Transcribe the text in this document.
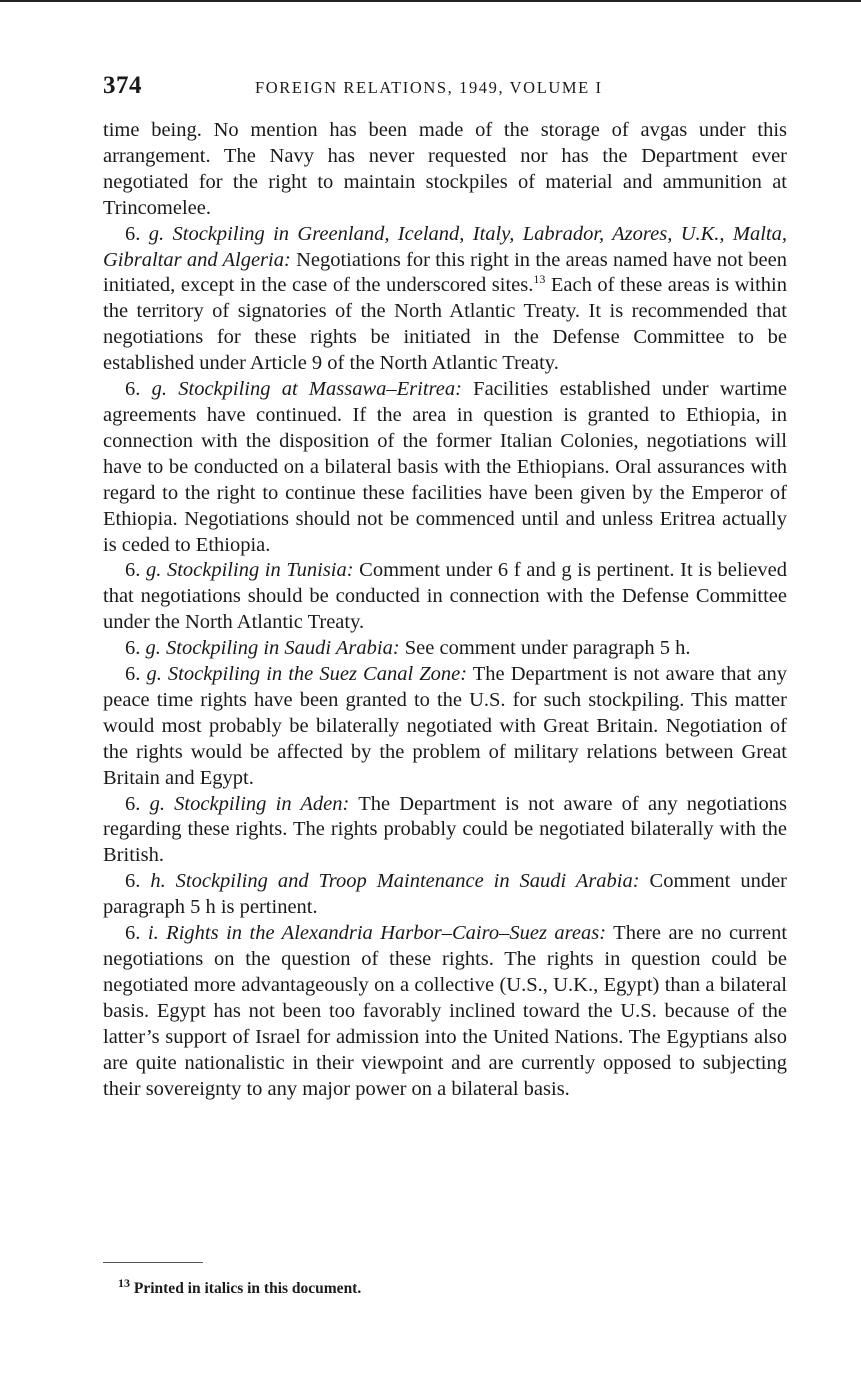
374	FOREIGN RELATIONS, 1949, VOLUME I

time being. No mention has been made of the storage of avgas under this arrangement. The Navy has never requested nor has the Department ever negotiated for the right to maintain stockpiles of material and ammunition at Trincomelee.

6. g. Stockpiling in Greenland, Iceland, Italy, Labrador, Azores, U.K., Malta, Gibraltar and Algeria: Negotiations for this right in the areas named have not been initiated, except in the case of the underscored sites.$^{13}$ Each of these areas is within the territory of signatories of the North Atlantic Treaty. It is recommended that negotiations for these rights be initiated in the Defense Committee to be established under Article 9 of the North Atlantic Treaty.

6. g. Stockpiling at Massawa–Eritrea: Facilities established under wartime agreements have continued. If the area in question is granted to Ethiopia, in connection with the disposition of the former Italian Colonies, negotiations will have to be conducted on a bilateral basis with the Ethiopians. Oral assurances with regard to the right to continue these facilities have been given by the Emperor of Ethiopia. Negotiations should not be commenced until and unless Eritrea actually is ceded to Ethiopia.

6. g. Stockpiling in Tunisia: Comment under 6 f and g is pertinent. It is believed that negotiations should be conducted in connection with the Defense Committee under the North Atlantic Treaty.

6. g. Stockpiling in Saudi Arabia: See comment under paragraph 5 h.

6. g. Stockpiling in the Suez Canal Zone: The Department is not aware that any peace time rights have been granted to the U.S. for such stockpiling. This matter would most probably be bilaterally negotiated with Great Britain. Negotiation of the rights would be affected by the problem of military relations between Great Britain and Egypt.

6. g. Stockpiling in Aden: The Department is not aware of any negotiations regarding these rights. The rights probably could be negotiated bilaterally with the British.

6. h. Stockpiling and Troop Maintenance in Saudi Arabia: Comment under paragraph 5 h is pertinent.

6. i. Rights in the Alexandria Harbor–Cairo–Suez areas: There are no current negotiations on the question of these rights. The rights in question could be negotiated more advantageously on a collective (U.S., U.K., Egypt) than a bilateral basis. Egypt has not been too favorably inclined toward the U.S. because of the latter’s support of Israel for admission into the United Nations. The Egyptians also are quite nationalistic in their viewpoint and are currently opposed to subjecting their sovereignty to any major power on a bilateral basis.

$^{13}$ Printed in italics in this document.
